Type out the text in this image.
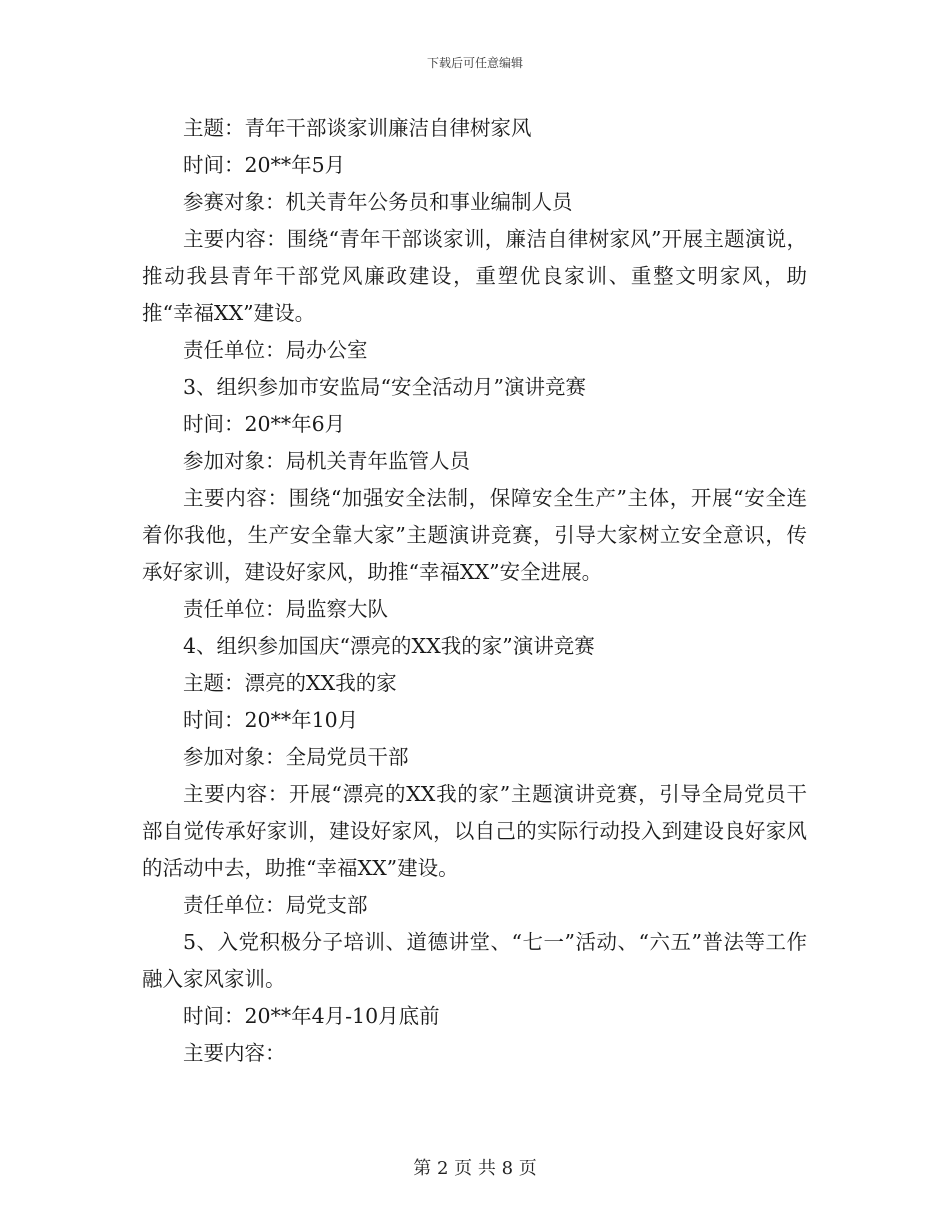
下载后可任意编辑

主题：青年干部谈家训廉洁自律树家风

时间：20**年5月

参赛对象：机关青年公务员和事业编制人员

主要内容：围绕“青年干部谈家训，廉洁自律树家风”开展主题演说，推动我县青年干部党风廉政建设，重塑优良家训、重整文明家风，助推“幸福XX”建设。

责任单位：局办公室

3、组织参加市安监局“安全活动月”演讲竞赛

时间：20**年6月

参加对象：局机关青年监管人员

主要内容：围绕“加强安全法制，保障安全生产”主体，开展“安全连着你我他，生产安全靠大家”主题演讲竞赛，引导大家树立安全意识，传承好家训，建设好家风，助推“幸福XX”安全进展。

责任单位：局监察大队

4、组织参加国庆“漂亮的XX我的家”演讲竞赛

主题：漂亮的XX我的家

时间：20**年10月

参加对象：全局党员干部

主要内容：开展“漂亮的XX我的家”主题演讲竞赛，引导全局党员干部自觉传承好家训，建设好家风，以自己的实际行动投入到建设良好家风的活动中去，助推“幸福XX”建设。

责任单位：局党支部

5、入党积极分子培训、道德讲堂、“七一”活动、“六五”普法等工作融入家风家训。

时间：20**年4月-10月底前

主要内容：

第 2 页 共 8 页
